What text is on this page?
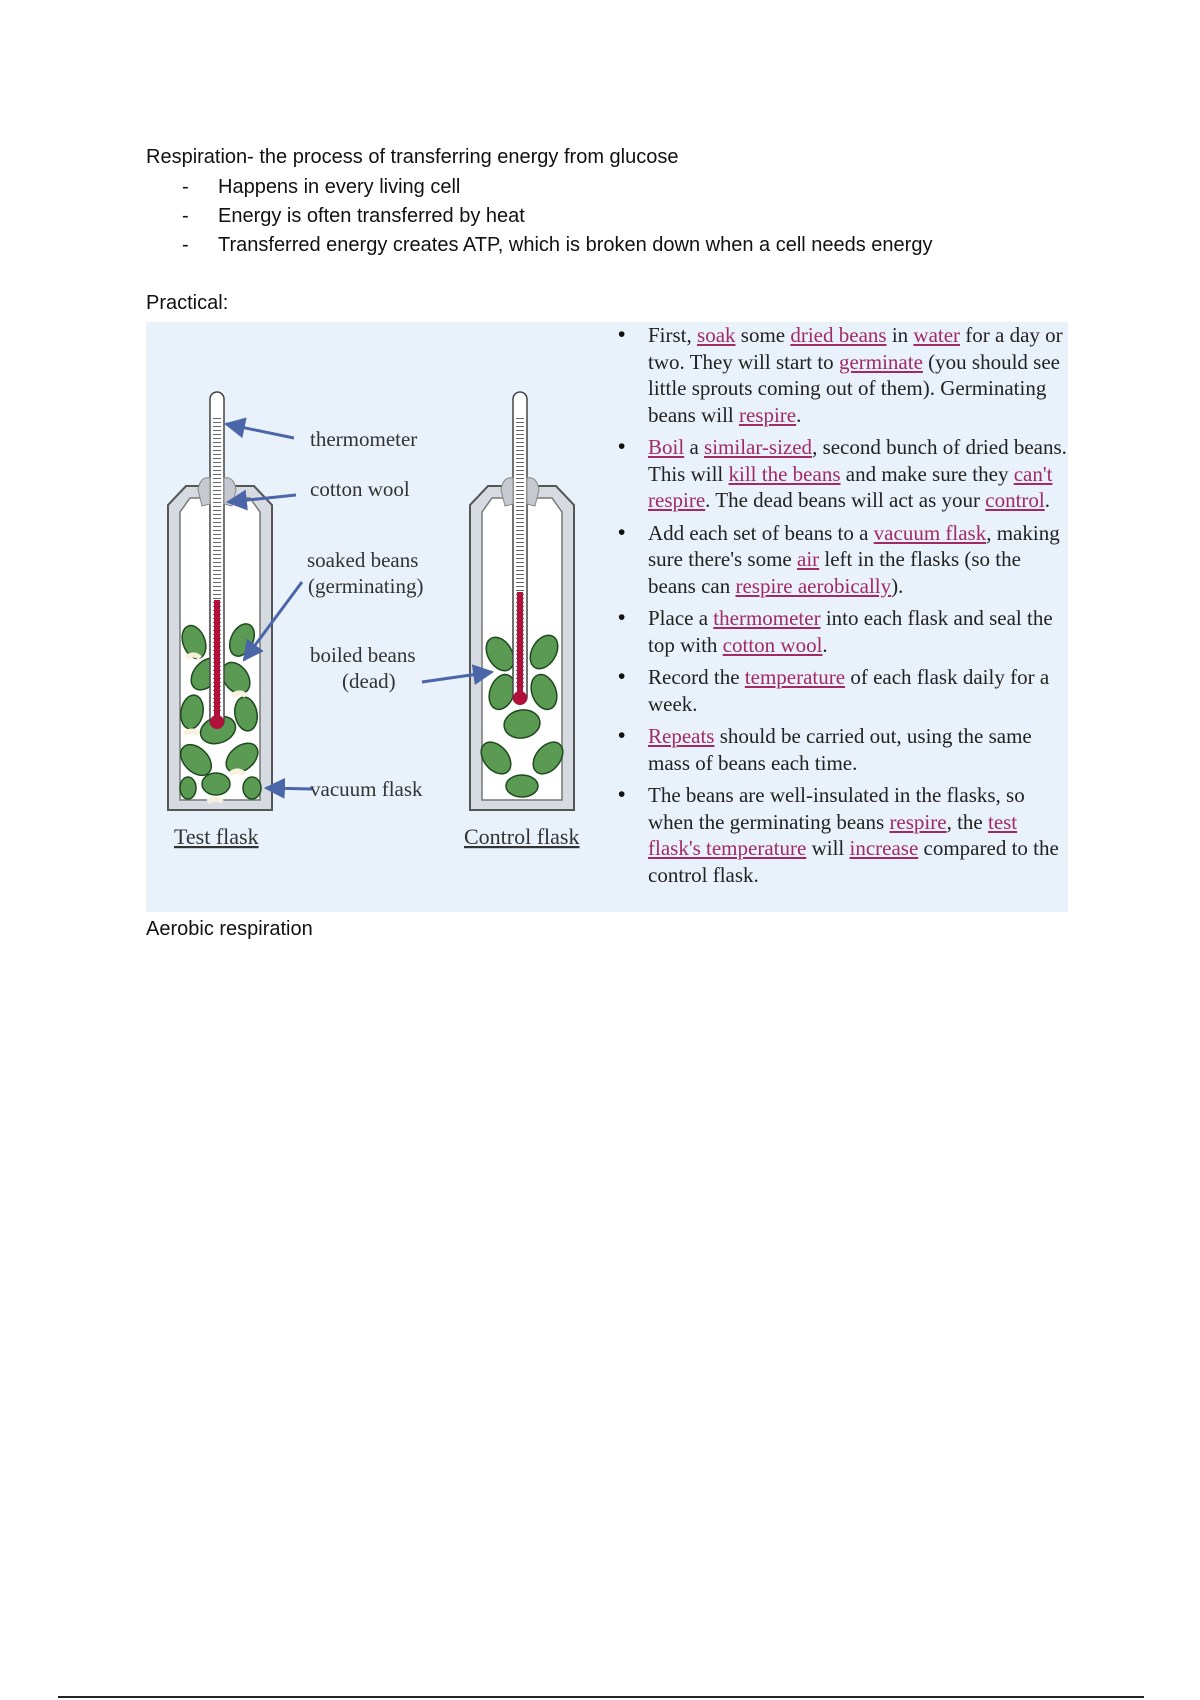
Respiration- the process of transferring energy from glucose
- Happens in every living cell
- Energy is often transferred by heat
- Transferred energy creates ATP, which is broken down when a cell needs energy
Practical:
thermometer
cotton wool
soaked beans
(germinating)
boiled beans
(dead)
vacuum flask
Test flask	Control flask
• First, soak some dried beans in water for a day or two. They will start to germinate (you should see little sprouts coming out of them). Germinating beans will respire.
• Boil a similar-sized, second bunch of dried beans. This will kill the beans and make sure they can't respire. The dead beans will act as your control.
• Add each set of beans to a vacuum flask, making sure there's some air left in the flasks (so the beans can respire aerobically).
• Place a thermometer into each flask and seal the top with cotton wool.
• Record the temperature of each flask daily for a week.
• Repeats should be carried out, using the same mass of beans each time.
• The beans are well-insulated in the flasks, so when the germinating beans respire, the test flask's temperature will increase compared to the control flask.
Aerobic respiration
